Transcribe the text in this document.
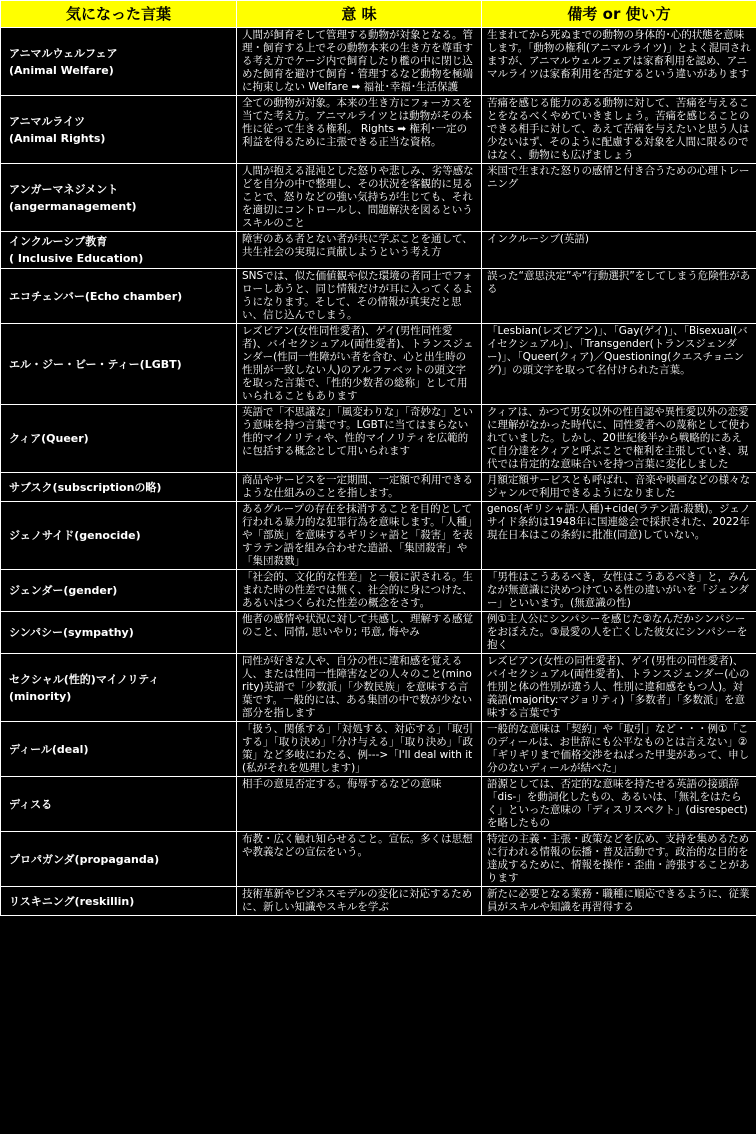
気になった言葉	意 味	備考 or 使い方

アニマルウェルフェア
(Animal Welfare)	人間が飼育そして管理する動物が対象となる。管理・飼育する上でその動物本来の生き方を尊重する考え方でケージ内で飼育したり檻の中に閉じ込めた飼育を避けて飼育・管理するなど動物を極端に拘束しない Welfare ➡ 福祉･幸福･生活保護	生まれてから死ぬまでの動物の身体的･心的状態を意味します。「動物の権利(アニマルライツ)」とよく混同されますが、アニマルウェルフェアは家畜利用を認め、アニマルライツは家畜利用を否定するという違いがあります

アニマルライツ
(Animal Rights)	全ての動物が対象。本来の生き方にフォーカスを当てた考え方。アニマルライツとは動物がその本性に従って生きる権利。 Rights ➡ 権利･一定の利益を得るために主張できる正当な資格。	苦痛を感じる能力のある動物に対して、苦痛を与えることをなるべくやめていきましょう。苦痛を感じることのできる相手に対して、あえて苦痛を与えたいと思う人は少ないはず、そのように配慮する対象を人間に限るのではなく、動物にも広げましょう

アンガーマネジメント
(angermanagement)	人間が抱える混沌とした怒りや悲しみ、劣等感などを自分の中で整理し、その状況を客観的に見ることで、怒りなどの強い気持ちが生じても、それを適切にコントロールし、問題解決を図るというスキルのこと	米国で生まれた怒りの感情と付き合うための心理トレーニング

インクルーシブ教育
( Inclusive Education)	障害のある者とない者が共に学ぶことを通して、共生社会の実現に貢献しようという考え方	インクルーシブ(英語)

エコチェンバー(Echo chamber)	SNSでは、似た価値観や似た環境の者同士でフォローしあうと、同じ情報だけが耳に入ってくるようになります。そして、その情報が真実だと思い、信じ込んでしまう。	誤った“意思決定”や“行動選択”をしてしまう危険性がある

エル・ジー・ビー・ティー(LGBT)	レズビアン(女性同性愛者)、ゲイ(男性同性愛者)、バイセクシュアル(両性愛者)、トランスジェンダー(性同一性障がい者を含む、心と出生時の性別が一致しない人)のアルファベットの頭文字を取った言葉で、「性的少数者の総称」として用いられることもあります	「Lesbian(レズビアン)」、「Gay(ゲイ)」、「Bisexual(バイセクシュアル)」、「Transgender(トランスジェンダー)」、「Queer(クィア)／Questioning(クエスチョニング)」の頭文字を取って名付けられた言葉。

クィア(Queer)	英語で「不思議な」「風変わりな」「奇妙な」という意味を持つ言葉です。LGBTに当てはまらない性的マイノリティや、性的マイノリティを広範的に包括する概念として用いられます	クィアは、かつて男女以外の性自認や異性愛以外の恋愛に理解がなかった時代に、同性愛者への蔑称として使われていました。しかし、20世紀後半から戦略的にあえて自分達をクィアと呼ぶことで権利を主張していき、現代では肯定的な意味合いを持つ言葉に変化しました

サブスク(subscriptionの略)	商品やサービスを一定期間、一定額で利用できるような仕組みのことを指します。	月額定額サービスとも呼ばれ、音楽や映画などの様々なジャンルで利用できるようになりました

ジェノサイド(genocide)	あるグループの存在を抹消することを目的として行われる暴力的な犯罪行為を意味します。「人種」や「部族」を意味するギリシャ語と「殺害」を表すラテン語を組み合わせた造語、「集団殺害」や「集団殺戮」	genos(ギリシャ語:人種)+cide(ラテン語:殺戮)。ジェノサイド条約は1948年に国連総会で採択された、2022年現在日本はこの条約に批准(同意)していない。

ジェンダー(gender)	「社会的、文化的な性差」と一般に訳される。生まれた時の性差では無く、社会的に身につけた、あるいはつくられた性差の概念をさす。	「男性はこうあるべき，女性はこうあるべき」と，みんなが無意識に決めつけている性の違いがいを「ジェンダー」といいます。(無意識の性)

シンパシー(sympathy)	他者の感情や状況に対して共感し、理解する感覚のこと、同情, 思いやり; 弔意, 悔やみ	例①主人公にシンパシーを感じた②なんだかシンパシーをおぼえた。③最愛の人を亡くした彼女にシンパシーを抱く

セクシャル(性的)マイノリティ
(minority)	同性が好きな人や、自分の性に違和感を覚える人、または性同一性障害などの人々のこと(minority)英語で「少数派」「少数民族」を意味する言葉です。一般的には、ある集団の中で数が少ない部分を指します	レズビアン(女性の同性愛者)、ゲイ(男性の同性愛者)、バイセクシュアル(両性愛者)、トランスジェンダー(心の性別と体の性別が違う人、性別に違和感をもつ人)。対義語(majority:マジョリティ)「多数者」「多数派」を意味する言葉です

ディール(deal)	「扱う、関係する」「対処する、対応する」「取引する」「取り決め」「分け与える」「取り決め」「政策」など多岐にわたる、例--->「I'll deal with it(私がそれを処理します)」	一般的な意味は「契約」や「取引」など・・・例①「このディールは、お世辞にも公平なものとは言えない」②「ギリギリまで価格交渉をねばった甲斐があって、申し分のないディールが結べた」

ディスる	相手の意見否定する。侮辱するなどの意味	語源としては、否定的な意味を持たせる英語の接頭辞「dis-」を動詞化したもの、あるいは、「無礼をはたらく」といった意味の「ディスリスペクト」(disrespect)を略したもの

プロパガンダ(propaganda)	布教・広く触れ知らせること。宣伝。多くは思想や教義などの宣伝をいう。	特定の主義・主張・政策などを広め、支持を集めるために行われる情報の伝播・普及活動です。政治的な目的を達成するために、情報を操作・歪曲・誇張することがあります

リスキニング(reskillin)	技術革新やビジネスモデルの変化に対応するために、新しい知識やスキルを学ぶ	新たに必要となる業務・職種に順応できるように、従業員がスキルや知識を再習得する
